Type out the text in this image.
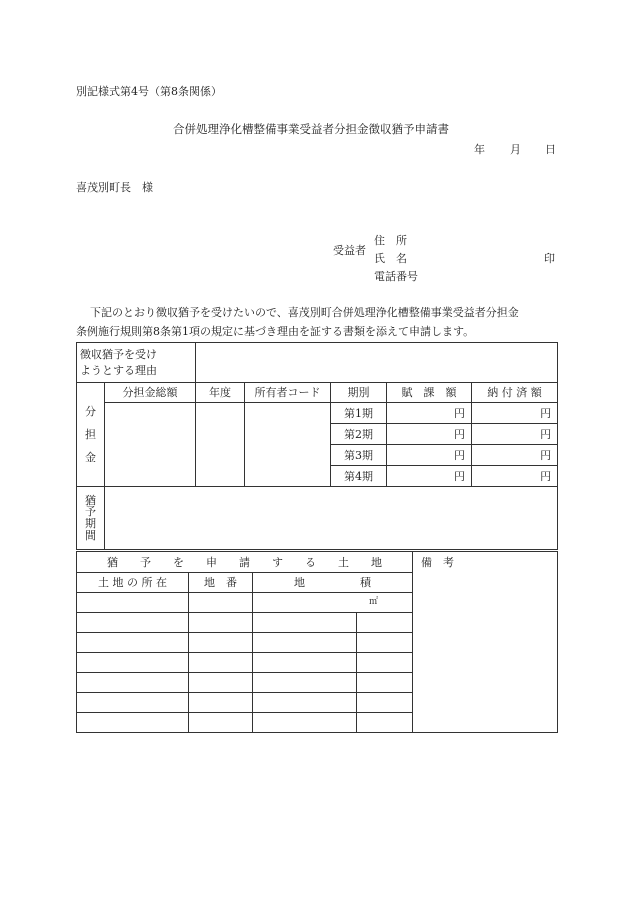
別記様式第4号（第8条関係）
合併処理浄化槽整備事業受益者分担金徴収猶予申請書
年 月 日
喜茂別町長　様
受益者
住　所
氏　名	印
電話番号
下記のとおり徴収猶予を受けたいので、喜茂別町合併処理浄化槽整備事業受益者分担金
条例施行規則第8条第1項の規定に基づき理由を証する書類を添えて申請します。
徴収猶予を受け
ようとする理由						
分

担

金	分担金総額	年度	所有者コード	期別	賦　課　額	納 付 済 額
				第1期	円	円
				第2期	円	円
				第3期	円	円
				第4期	円	円
猶
予
期
間						
猶　　予　　を　　申　　請　　す　　る　　土　　地				備　考
土 地 の 所 在	地　番	地　　　　　積		
		㎡		
